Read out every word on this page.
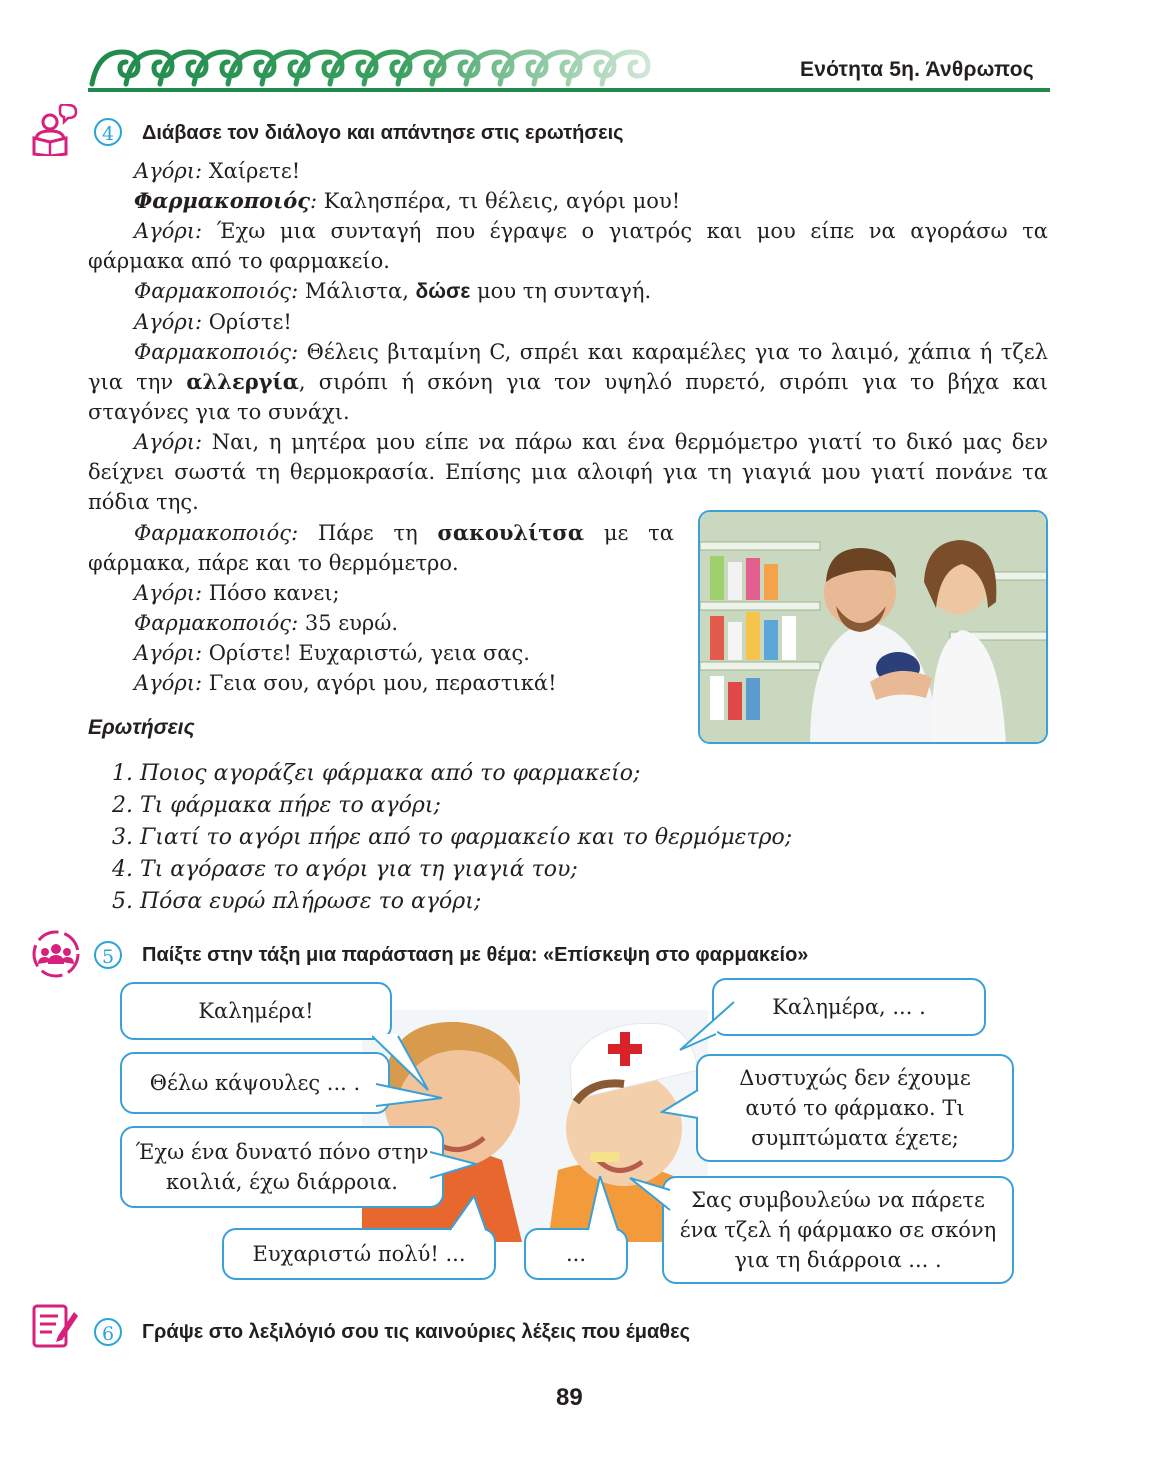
Ενότητα 5η. Άνθρωπος
4	Διάβασε τον διάλογο και απάντησε στις ερωτήσεις

Αγόρι: Χαίρετε!

Φαρμακοποιός: Καλησπέρα, τι θέλεις, αγόρι μου!

Αγόρι: Έχω μια συνταγή που έγραψε ο γιατρός και μου είπε να αγοράσω τα φάρμακα από το φαρμακείο.

Φαρμακοποιός: Μάλιστα, δώσε μου τη συνταγή.

Αγόρι: Ορίστε!

Φαρμακοποιός: Θέλεις βιταμίνη C, σπρέι και καραμέλες για το λαιμό, χάπια ή τζελ για την αλλεργία, σιρόπι ή σκόνη για τον υψηλό πυρετό, σιρόπι για το βήχα και σταγόνες για το συνάχι.

Αγόρι: Ναι, η μητέρα μου είπε να πάρω και ένα θερμόμετρο γιατί το δικό μας δεν δείχνει σωστά τη θερμοκρασία. Επίσης μια αλοιφή για τη γιαγιά μου γιατί πονάνε τα πόδια της.

Φαρμακοποιός: Πάρε τη σακουλίτσα με τα φάρμακα, πάρε και το θερμόμετρο.

Αγόρι: Πόσο κανει;

Φαρμακοποιός: 35 ευρώ.

Αγόρι: Ορίστε! Ευχαριστώ, γεια σας.

Αγόρι: Γεια σου, αγόρι μου, περαστικά!

Ερωτήσεις
1. Ποιος αγοράζει φάρμακα από το φαρμακείο;
2. Τι φάρμακα πήρε το αγόρι;
3. Γιατί το αγόρι πήρε από το φαρμακείο και το θερμόμετρο;
4. Τι αγόρασε το αγόρι για τη γιαγιά του;
5. Πόσα ευρώ πλήρωσε το αγόρι;
5	Παίξτε στην τάξη μια παράσταση με θέμα: «Επίσκεψη στο φαρμακείο»
Καλημέρα!
Θέλω κάψουλες ... .
Έχω ένα δυνατό πόνο στην κοιλιά, έχω διάρροια.
Ευχαριστώ πολύ! ...	...
Καλημέρα, ... .
Δυστυχώς δεν έχουμε αυτό το φάρμακο. Τι συμπτώματα έχετε;
Σας συμβουλεύω να πάρετε ένα τζελ ή φάρμακο σε σκόνη για τη διάρροια ... .
6	Γράψε στο λεξιλόγιό σου τις καινούριες λέξεις που έμαθες
89
